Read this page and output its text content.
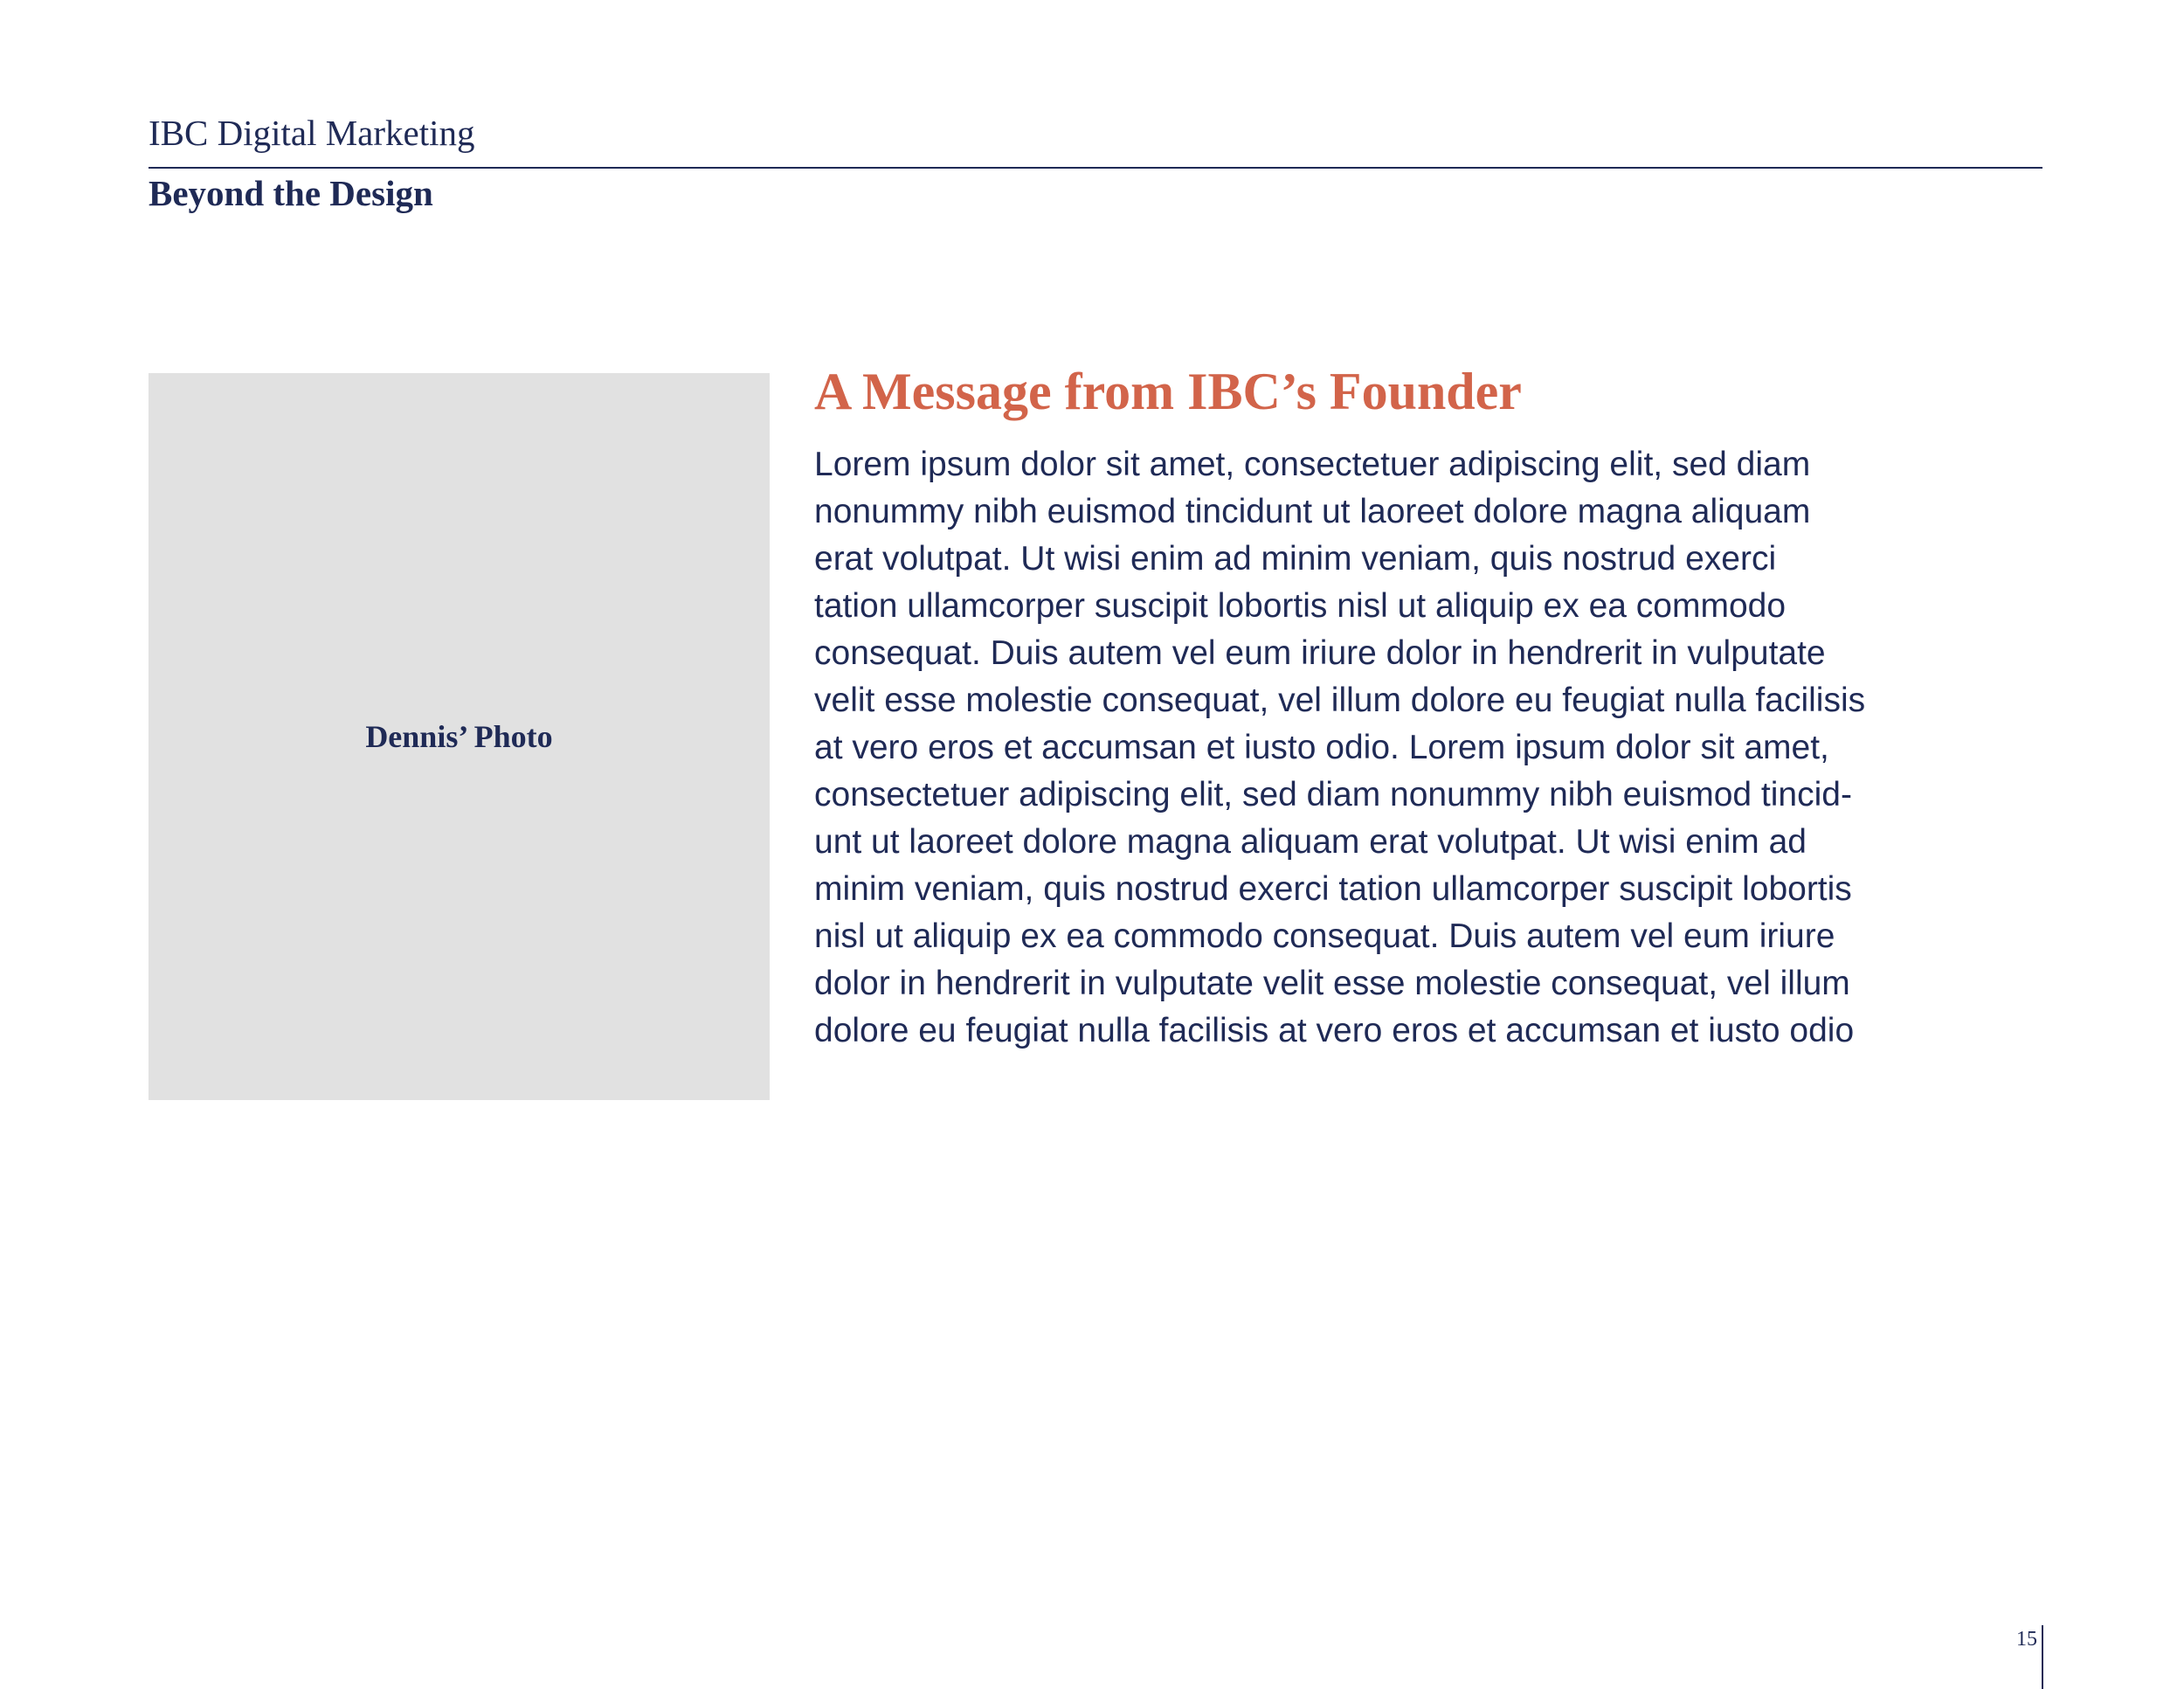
IBC Digital Marketing
Beyond the Design
Dennis’ Photo
A Message from IBC’s Founder
Lorem ipsum dolor sit amet, consectetuer adipiscing elit, sed diam
nonummy nibh euismod tincidunt ut laoreet dolore magna aliquam
erat volutpat. Ut wisi enim ad minim veniam, quis nostrud exerci
tation ullamcorper suscipit lobortis nisl ut aliquip ex ea commodo
consequat. Duis autem vel eum iriure dolor in hendrerit in vulputate
velit esse molestie consequat, vel illum dolore eu feugiat nulla facilisis
at vero eros et accumsan et iusto odio. Lorem ipsum dolor sit amet,
consectetuer adipiscing elit, sed diam nonummy nibh euismod tincid-
unt ut laoreet dolore magna aliquam erat volutpat. Ut wisi enim ad
minim veniam, quis nostrud exerci tation ullamcorper suscipit lobortis
nisl ut aliquip ex ea commodo consequat. Duis autem vel eum iriure
dolor in hendrerit in vulputate velit esse molestie consequat, vel illum
dolore eu feugiat nulla facilisis at vero eros et accumsan et iusto odio
15
